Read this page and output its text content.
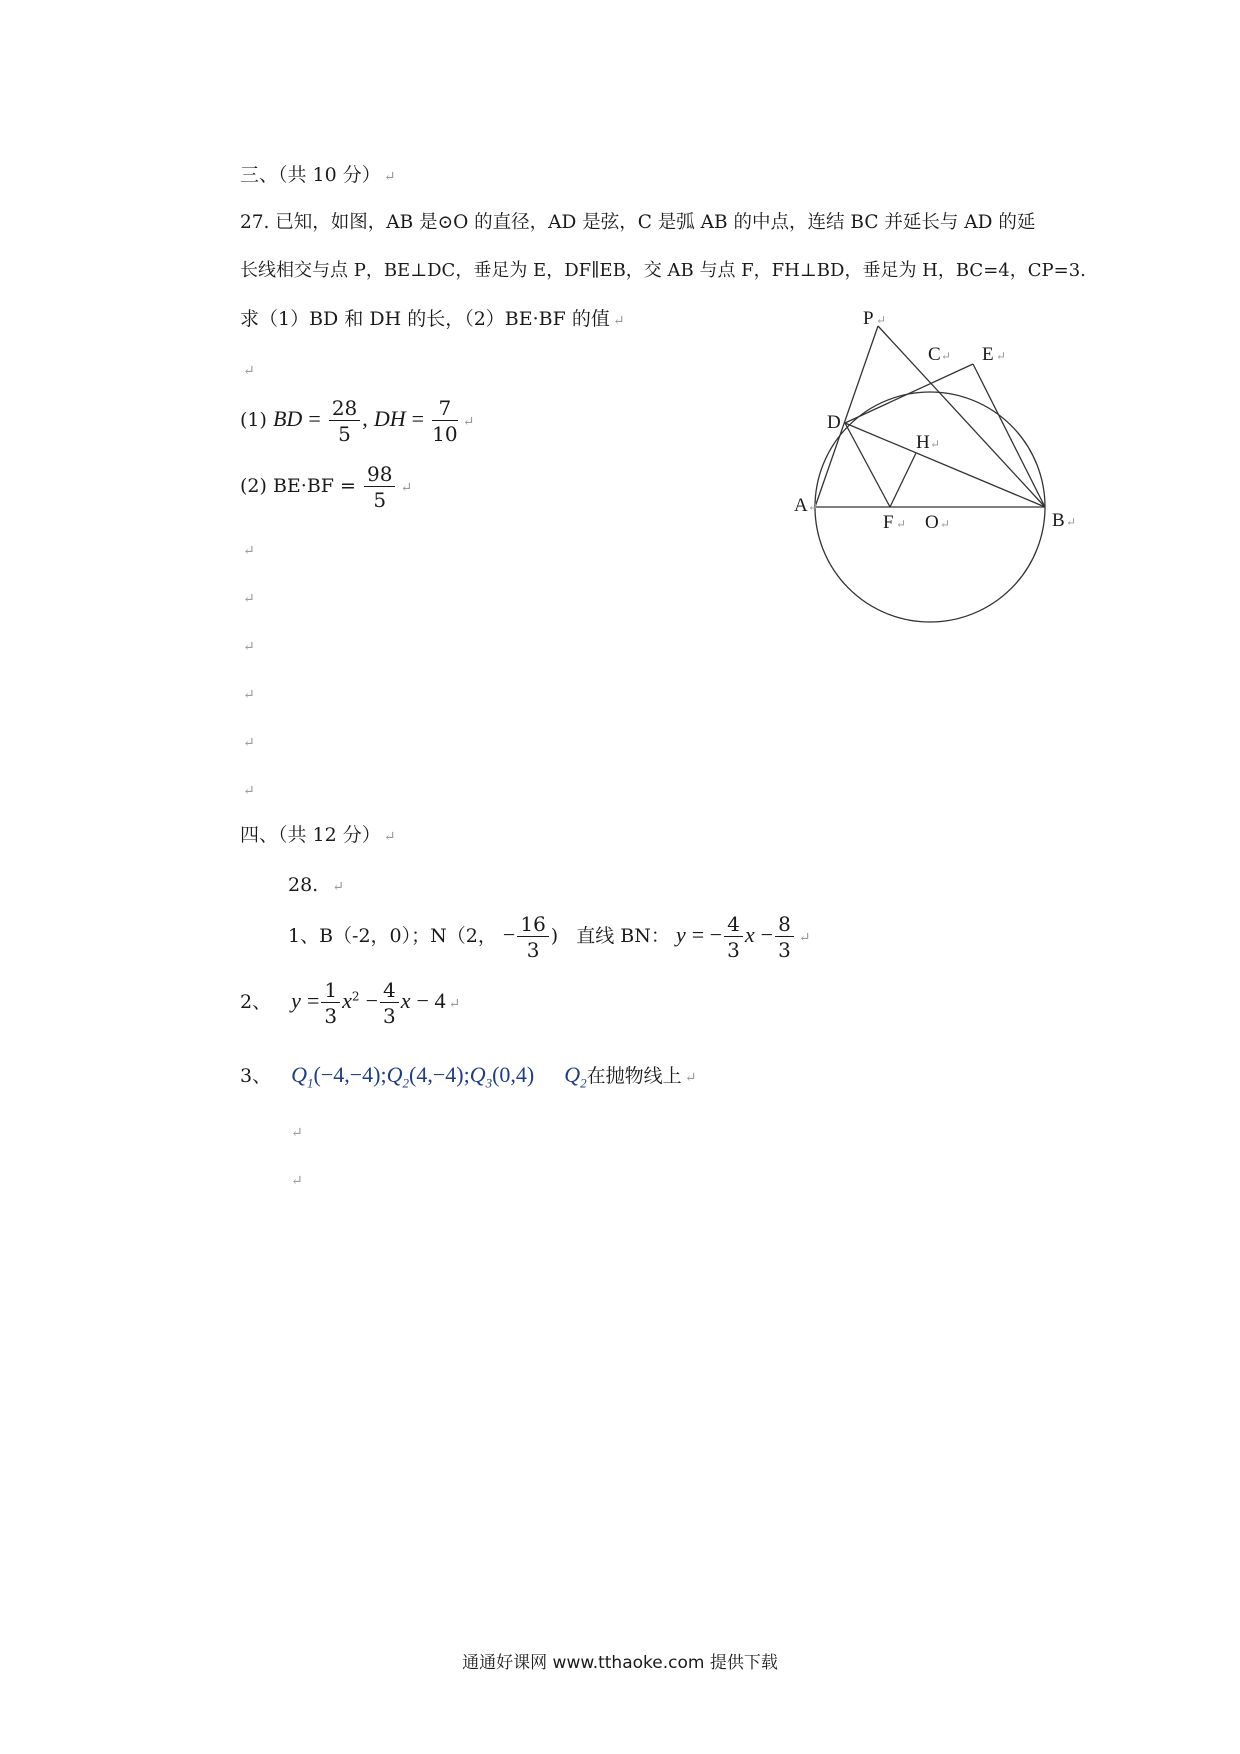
三、（共 10 分） ↵
27. 已知，如图，AB 是⊙O 的直径，AD 是弦，C 是弧 AB 的中点，连结 BC 并延长与 AD 的延
长线相交与点 P，BE⊥DC，垂足为 E，DF∥EB，交 AB 与点 F，FH⊥BD，垂足为 H，BC=4，CP=3.
求（1）BD 和 DH 的长，（2）BE·BF 的值 ↵
↵
(1) BD = $\frac{28}{5}$ , DH = $\frac{7}{10}$ ↵
(2) $BE\cdot BF = \frac{98}{5}$ ↵
↵
↵
↵
↵
↵
↵
四、（共 12 分） ↵
28. ↵
1、B（-2，0）；N（2， − $\frac{16}{3}$ ) 直线 BN： y = − $\frac{4}{3}$ $x - \frac{8}{3}$ ↵
2、 $y = \frac{1}{3} x^2 - \frac{4}{3}$ x − 4 ↵
3、 $Q_1(-4,-4);Q_2(4,-4);Q_3(0,4)$ $Q_2$在抛物线上 ↵
↵
↵
P ↵
C ↵ E ↵
D
H ↵
A ↵
F ↵ O ↵	B ↵
通通好课网 www.tthaoke.com 提供下载
